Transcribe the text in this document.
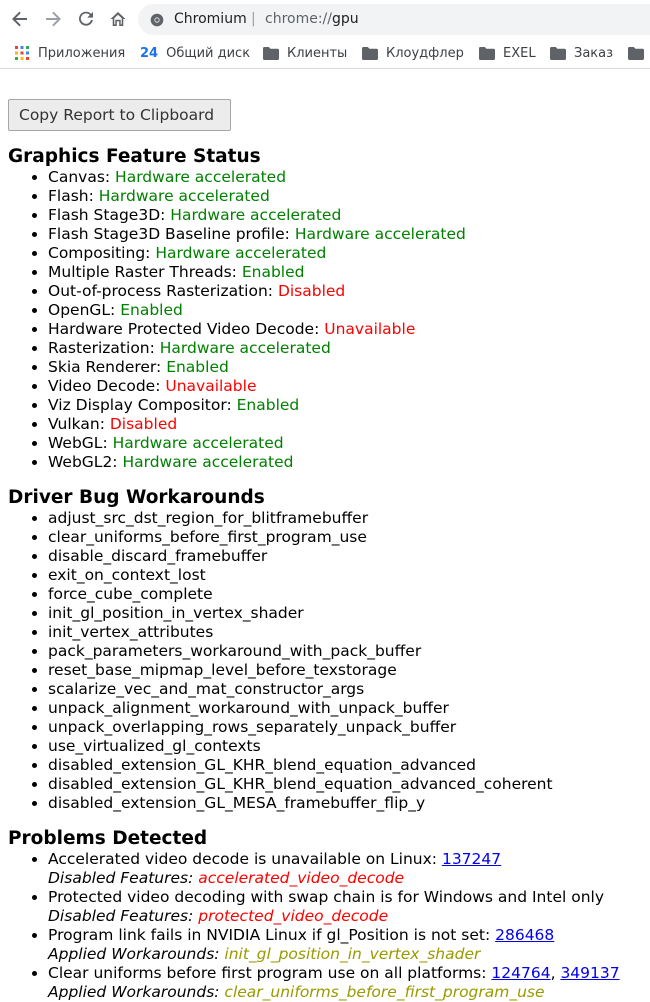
Chromium | chrome://gpu
Приложения 24 Общий диск	Клиенты	Клоудфлер	EXEL	Заказ
Copy Report to Clipboard
Graphics Feature Status
• Canvas: Hardware accelerated
• Flash: Hardware accelerated
• Flash Stage3D: Hardware accelerated
• Flash Stage3D Baseline profile: Hardware accelerated
• Compositing: Hardware accelerated
• Multiple Raster Threads: Enabled
• Out-of-process Rasterization: Disabled
• OpenGL: Enabled
• Hardware Protected Video Decode: Unavailable
• Rasterization: Hardware accelerated
• Skia Renderer: Enabled
• Video Decode: Unavailable
• Viz Display Compositor: Enabled
• Vulkan: Disabled
• WebGL: Hardware accelerated
• WebGL2: Hardware accelerated
Driver Bug Workarounds
• adjust_src_dst_region_for_blitframebuffer
• clear_uniforms_before_first_program_use
• disable_discard_framebuffer
• exit_on_context_lost
• force_cube_complete
• init_gl_position_in_vertex_shader
• init_vertex_attributes
• pack_parameters_workaround_with_pack_buffer
• reset_base_mipmap_level_before_texstorage
• scalarize_vec_and_mat_constructor_args
• unpack_alignment_workaround_with_unpack_buffer
• unpack_overlapping_rows_separately_unpack_buffer
• use_virtualized_gl_contexts
• disabled_extension_GL_KHR_blend_equation_advanced
• disabled_extension_GL_KHR_blend_equation_advanced_coherent
• disabled_extension_GL_MESA_framebuffer_flip_y
Problems Detected
• Accelerated video decode is unavailable on Linux: 137247
Disabled Features: accelerated_video_decode
• Protected video decoding with swap chain is for Windows and Intel only
Disabled Features: protected_video_decode
• Program link fails in NVIDIA Linux if gl_Position is not set: 286468
Applied Workarounds: init_gl_position_in_vertex_shader
• Clear uniforms before first program use on all platforms: 124764, 349137
Applied Workarounds: clear_uniforms_before_first_program_use
